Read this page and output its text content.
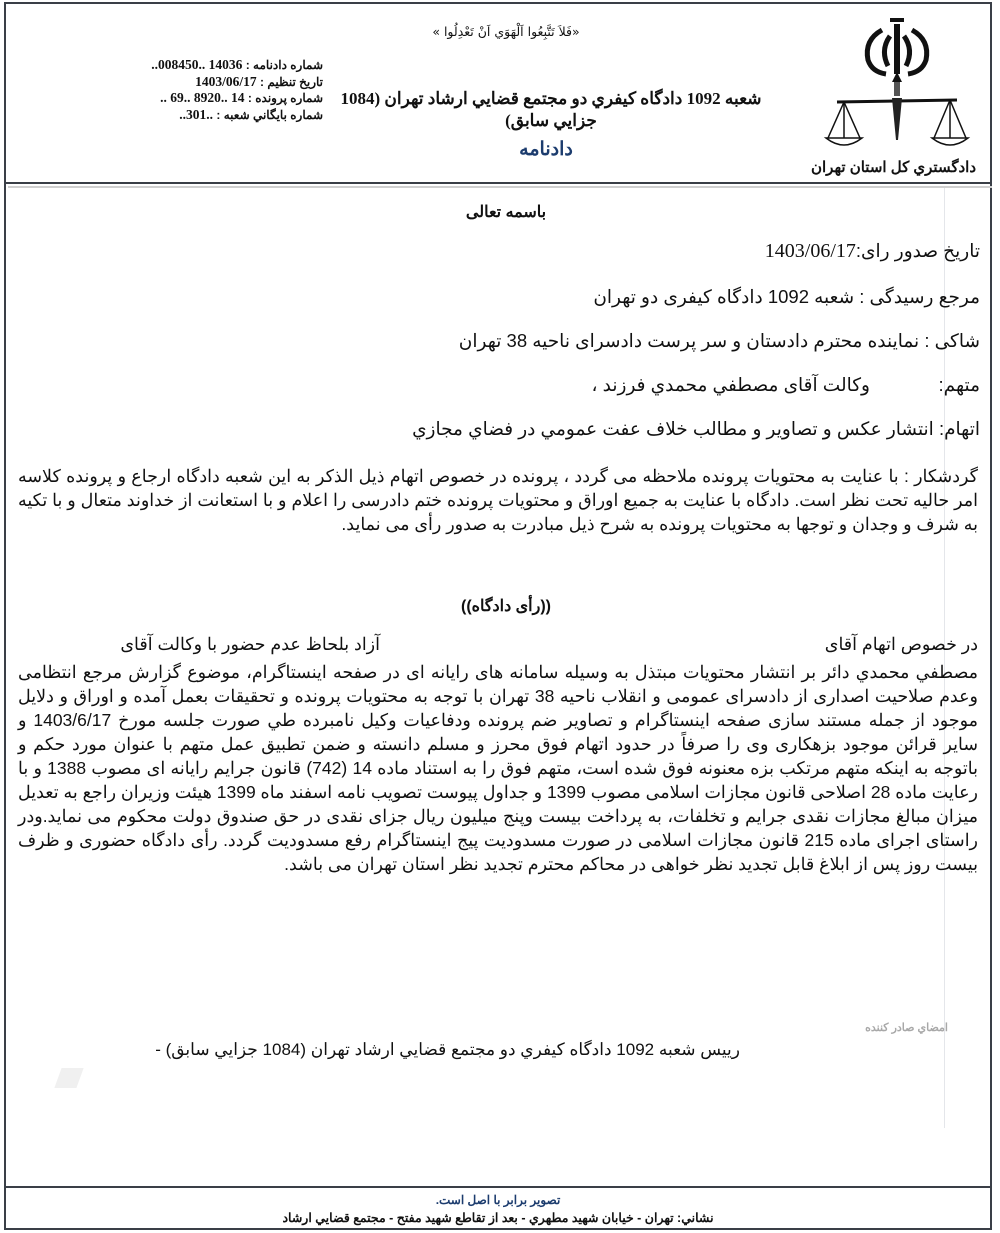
دادگستري كل استان تهران
«فَلاَ تَتَّبِعُوا اَلْهَوَي اَنْ تَعْدِلُوا »
شعبه 1092 دادگاه كيفري دو مجتمع قضايي ارشاد تهران (1084
جزايي سابق)
دادنامه
شماره دادنامه : 14036 ..008450..
تاريخ تنظيم : 1403/06/17
شماره پرونده : 14 ..8920 ..69 ..
شماره بايگاني شعبه : ..301..
باسمه تعالی
تاریخ صدور رای:1403/06/17
مرجع رسیدگی : شعبه 1092 دادگاه کیفری دو تهران
شاکی : نماینده محترم دادستان و سر پرست دادسرای ناحیه 38 تهران
متهم:
وكالت آقای مصطفي محمدي فرزند ،
اتهام: انتشار عكس و تصاوير و مطالب خلاف عفت عمومي در فضاي مجازي
گردشکار : با عنایت به محتویات پرونده ملاحظه می گردد ، پرونده در خصوص اتهام ذیل الذکر به این شعبه دادگاه ارجاع و پرونده کلاسه امر حالیه تحت نظر است. دادگاه با عنایت به جمیع اوراق و محتویات پرونده ختم دادرسی را اعلام و با استعانت از خداوند متعال و با تکیه به شرف و وجدان و توجها به محتویات پرونده به شرح ذیل مبادرت به صدور رأی می نماید.
((رأی دادگاه))
در خصوص اتهام آقای
آزاد بلحاظ عدم حضور با وكالت آقای
مصطفي محمدي دائر بر انتشار محتویات مبتذل به وسیله سامانه های رایانه ای در صفحه اینستاگرام، موضوع گزارش مرجع انتظامی وعدم صلاحیت اصداری از دادسرای عمومی و انقلاب ناحیه 38 تهران با توجه به محتویات پرونده و تحقیقات بعمل آمده و اوراق و دلایل موجود از جمله مستند سازی صفحه اینستاگرام و تصاویر ضم پرونده ودفاعیات وكیل نامبرده طي صورت جلسه مورخ 1403/6/17 و سایر قرائن موجود بزهکاری وی را صرفاً در حدود اتهام فوق محرز و مسلم دانسته و ضمن تطبیق عمل متهم با عنوان مورد حکم و باتوجه به اینکه متهم مرتکب بزه معنونه فوق شده است، متهم فوق را به استناد ماده 14 (742) قانون جرایم رایانه ای مصوب 1388 و با رعایت ماده 28 اصلاحی قانون مجازات اسلامی مصوب 1399 و جداول پیوست تصویب نامه اسفند ماه 1399 هیئت وزیران راجع به تعدیل میزان مبالغ مجازات نقدی جرایم و تخلفات، به پرداخت بیست وپنج میلیون ریال جزای نقدی در حق صندوق دولت محکوم می نماید.ودر راستای اجرای ماده 215 قانون مجازات اسلامی در صورت مسدودیت پیج اینستاگرام رفع مسدودیت گردد. رأی دادگاه حضوری و ظرف بیست روز پس از ابلاغ قابل تجدید نظر خواهی در محاکم محترم تجدید نظر استان تهران می باشد.
امضاي صادر كننده
رييس شعبه 1092 دادگاه كيفري دو مجتمع قضايي ارشاد تهران (1084 جزايي سابق) -
تصوير برابر با اصل است.
نشاني: تهران - خيابان شهيد مطهري - بعد از تقاطع شهيد مفتح - مجتمع قضايي ارشاد
